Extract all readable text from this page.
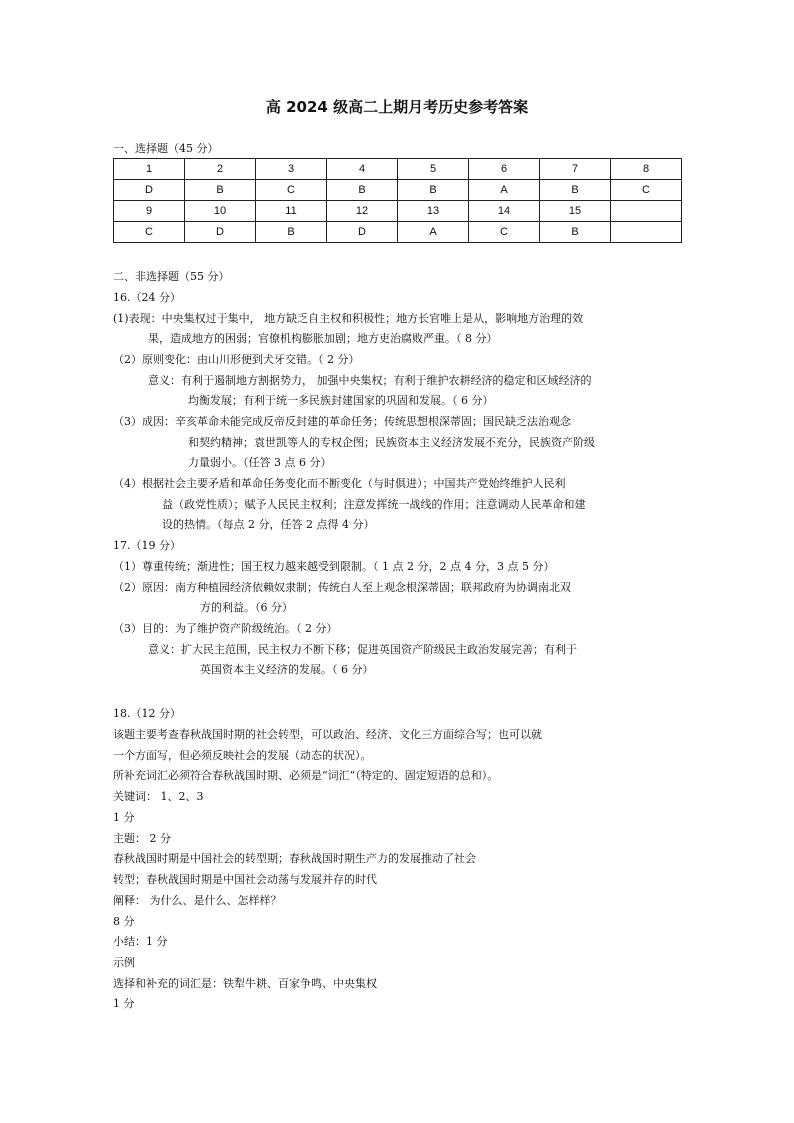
高 2024 级高二上期月考历史参考答案
一、选择题（45 分）
1	2	3	4	5	6	7	8
D	B	C	B	B	A	B	C
9	10	11	12	13	14	15	
C	D	B	D	A	C	B	
二、非选择题（55 分）
16.（24 分）
(1)表现：中央集权过于集中， 地方缺乏自主权和积极性；地方长官唯上是从，影响地方治理的效
果，造成地方的困弱；官僚机构膨胀加剧；地方吏治腐败严重。（ 8 分）
（2）原则变化：由山川形便到犬牙交错。（ 2 分）
意义：有利于遏制地方割据势力， 加强中央集权；有利于维护农耕经济的稳定和区域经济的
均衡发展；有利于统一多民族封建国家的巩固和发展。（ 6 分）
（3）成因：辛亥革命未能完成反帝反封建的革命任务；传统思想根深蒂固；国民缺乏法治观念
和契约精神；袁世凯等人的专权企图；民族资本主义经济发展不充分，民族资产阶级
力量弱小。（任答 3 点 6 分）
（4）根据社会主要矛盾和革命任务变化而不断变化（与时俱进）；中国共产党始终维护人民利
益（政党性质）；赋予人民民主权利；注意发挥统一战线的作用；注意调动人民革命和建
设的热情。（每点 2 分，任答 2 点得 4 分）
17.（19 分）
（1）尊重传统；渐进性；国王权力越来越受到限制。（ 1 点 2 分，2 点 4 分，3 点 5 分）
（2）原因：南方种植园经济依赖奴隶制；传统白人至上观念根深蒂固；联邦政府为协调南北双
方的利益。（6 分）
（3）目的：为了维护资产阶级统治。（ 2 分）
意义：扩大民主范围，民主权力不断下移；促进英国资产阶级民主政治发展完善；有利于
英国资本主义经济的发展。（ 6 分）
18.（12 分）
该题主要考查春秋战国时期的社会转型，可以政治、经济、文化三方面综合写；也可以就
一个方面写，但必须反映社会的发展（动态的状况）。
所补充词汇必须符合春秋战国时期、必须是“词汇”（特定的、固定短语的总和）。
关键词： 1、2、3
1 分
主题： 2 分
春秋战国时期是中国社会的转型期；春秋战国时期生产力的发展推动了社会
转型；春秋战国时期是中国社会动荡与发展并存的时代
阐释： 为什么、是什么、怎样样？
8 分
小结：1 分
示例
选择和补充的词汇是：铁犁牛耕、百家争鸣、中央集权
1 分
